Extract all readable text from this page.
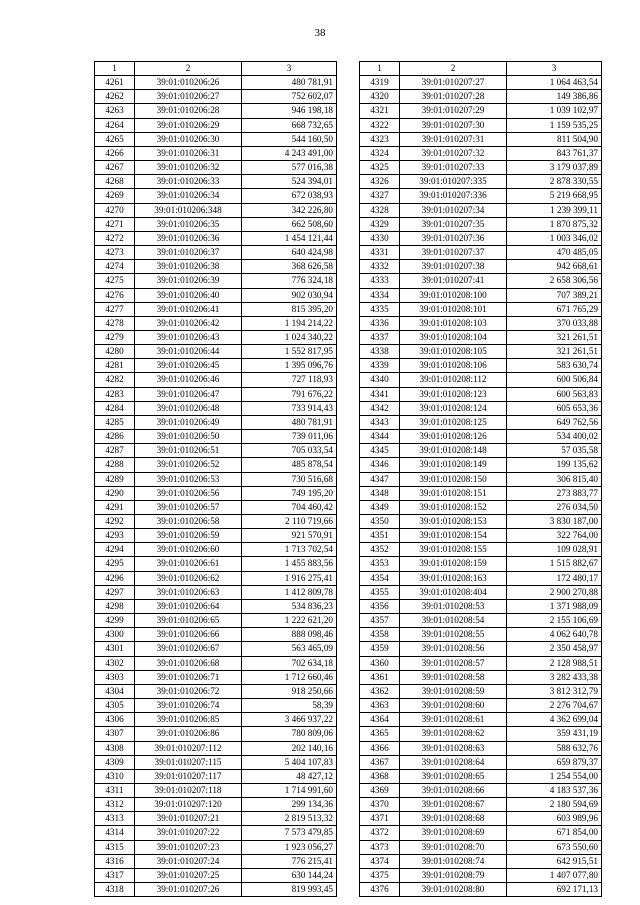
38
1	2	3
4261	39:01:010206:26	480 781,91
4262	39:01:010206:27	752 602,07
4263	39:01:010206:28	946 198,18
4264	39:01:010206:29	668 732,65
4265	39:01:010206:30	544 160,50
4266	39:01:010206:31	4 243 491,00
4267	39:01:010206:32	577 016,38
4268	39:01:010206:33	524 394,01
4269	39:01:010206:34	672 038,93
4270	39:01:010206:348	342 226,80
4271	39:01:010206:35	662 508,60
4272	39:01:010206:36	1 454 121,44
4273	39:01:010206:37	640 424,98
4274	39:01:010206:38	368 626,58
4275	39:01:010206:39	776 324,18
4276	39:01:010206:40	902 030,94
4277	39:01:010206:41	815 395,20
4278	39:01:010206:42	1 194 214,22
4279	39:01:010206:43	1 024 340,22
4280	39:01:010206:44	1 552 817,95
4281	39:01:010206:45	1 395 096,76
4282	39:01:010206:46	727 118,93
4283	39:01:010206:47	791 676,22
4284	39:01:010206:48	733 914,43
4285	39:01:010206:49	480 781,91
4286	39:01:010206:50	739 011,06
4287	39:01:010206:51	705 033,54
4288	39:01:010206:52	485 878,54
4289	39:01:010206:53	730 516,68
4290	39:01:010206:56	749 195,20
4291	39:01:010206:57	704 460,42
4292	39:01:010206:58	2 110 719,66
4293	39:01:010206:59	921 570,91
4294	39:01:010206:60	1 713 702,54
4295	39:01:010206:61	1 455 883,56
4296	39:01:010206:62	1 916 275,41
4297	39:01:010206:63	1 412 809,78
4298	39:01:010206:64	534 836,23
4299	39:01:010206:65	1 222 621,20
4300	39:01:010206:66	888 098,46
4301	39:01:010206:67	563 465,09
4302	39:01:010206:68	702 634,18
4303	39:01:010206:71	1 712 660,46
4304	39:01:010206:72	918 250,66
4305	39:01:010206:74	58,39
4306	39:01:010206:85	3 466 937,22
4307	39:01:010206:86	780 809,06
4308	39:01:010207:112	202 140,16
4309	39:01:010207:115	5 404 107,83
4310	39:01:010207:117	48 427,12
4311	39:01:010207:118	1 714 991,60
4312	39:01:010207:120	299 134,36
4313	39:01:010207:21	2 819 513,32
4314	39:01:010207:22	7 573 479,85
4315	39:01:010207:23	1 923 056,27
4316	39:01:010207:24	776 215,41
4317	39:01:010207:25	630 144,24
4318	39:01:010207:26	819 993,45
1	2	3
4319	39:01:010207:27	1 064 463,54
4320	39:01:010207:28	149 386,86
4321	39:01:010207:29	1 039 102,97
4322	39:01:010207:30	1 159 535,25
4323	39:01:010207:31	811 504,90
4324	39:01:010207:32	843 761,37
4325	39:01:010207:33	3 179 037,89
4326	39:01:010207:335	2 878 330,55
4327	39:01:010207:336	5 219 668,95
4328	39:01:010207:34	1 239 399,11
4329	39:01:010207:35	1 870 875,32
4330	39:01:010207:36	1 003 346,02
4331	39:01:010207:37	470 485,05
4332	39:01:010207:38	942 668,61
4333	39:01:010207:41	2 658 306,56
4334	39:01:010208:100	707 389,21
4335	39:01:010208:101	671 765,29
4336	39:01:010208:103	370 033,88
4337	39:01:010208:104	321 261,51
4338	39:01:010208:105	321 261,51
4339	39:01:010208:106	583 630,74
4340	39:01:010208:112	600 506,84
4341	39:01:010208:123	600 563,83
4342	39:01:010208:124	605 653,36
4343	39:01:010208:125	649 762,56
4344	39:01:010208:126	534 400,02
4345	39:01:010208:148	57 035,58
4346	39:01:010208:149	199 135,62
4347	39:01:010208:150	306 815,40
4348	39:01:010208:151	273 883,77
4349	39:01:010208:152	276 034,50
4350	39:01:010208:153	3 830 187,00
4351	39:01:010208:154	322 764,00
4352	39:01:010208:155	109 028,91
4353	39:01:010208:159	1 515 882,67
4354	39:01:010208:163	172 480,17
4355	39:01:010208:404	2 900 270,88
4356	39:01:010208:53	1 371 988,09
4357	39:01:010208:54	2 155 106,69
4358	39:01:010208:55	4 062 640,78
4359	39:01:010208:56	2 350 458,97
4360	39:01:010208:57	2 128 988,51
4361	39:01:010208:58	3 282 433,38
4362	39:01:010208:59	3 812 312,79
4363	39:01:010208:60	2 276 704,67
4364	39:01:010208:61	4 362 699,04
4365	39:01:010208:62	359 431,19
4366	39:01:010208:63	588 632,76
4367	39:01:010208:64	659 879,37
4368	39:01:010208:65	1 254 554,00
4369	39:01:010208:66	4 183 537,36
4370	39:01:010208:67	2 180 594,69
4371	39:01:010208:68	603 989,96
4372	39:01:010208:69	671 854,00
4373	39:01:010208:70	673 550,60
4374	39:01:010208:74	642 915,51
4375	39:01:010208:79	1 407 077,80
4376	39:01:010208:80	692 171,13
